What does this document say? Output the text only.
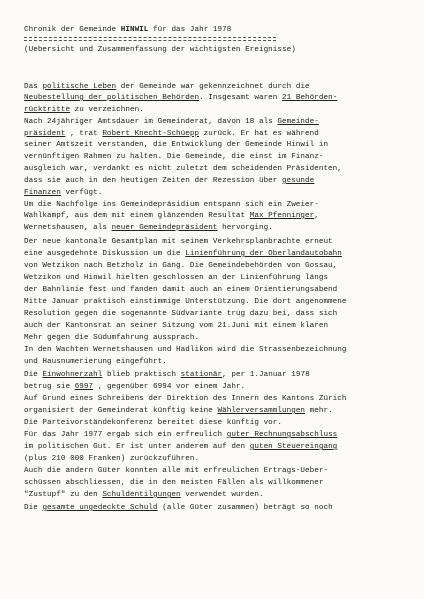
Chronik der Gemeinde HINWIL für das Jahr 1978
(Uebersicht und Zusammenfassung der wichtigsten Ereignisse)
Das politische Leben der Gemeinde war gekennzeichnet durch die
Neubestellung der politischen Behörden. Insgesamt waren 21 Behörden-
rücktritte zu verzeichnen.
Nach 24jähriger Amtsdauer im Gemeinderat, davon 18 als Gemeinde-
präsident , trat Robert Knecht-Schüepp zurück. Er hat es während
seiner Amtszeit verstanden, die Entwicklung der Gemeinde Hinwil in
vernünftigen Rahmen zu halten. Die Gemeinde, die einst im Finanz-
ausgleich war, verdankt es nicht zuletzt dem scheidenden Präsidenten,
dass sie auch in den heutigen Zeiten der Rezession über gesunde
Finanzen verfügt.
Um die Nachfolge ins Gemeindepräsidium entspann sich ein Zweier-
Wahlkampf, aus dem mit einem glänzenden Resultat Max Pfenninger,
Wernetshausen, als neuer Gemeindepräsident hervorging.
Der neue kantonale Gesamtplan mit seinem Verkehrsplanbrachte erneut
eine ausgedehnte Diskussion um die Linienführung der Oberlandautobahn
von Wetzikon nach Betzholz in Gang. Die Gemeindebehörden von Gossau,
Wetzikon und Hinwil hielten geschlossen an der Linienführung längs
der Bahnlinie fest und fanden damit auch an einem Orientierungsabend
Mitte Januar praktisch einstimmige Unterstützung. Die dort angenommene
Resolution gegen die sogenannte Südvariante trug dazu bei, dass sich
auch der Kantonsrat an seiner Sitzung vom 21.Juni mit einem klaren
Mehr gegen die Südumfahrung aussprach.
In den Wachten Wernetshausen und Hadlikon wird die Strassenbezeichnung
und Hausnumerierung eingeführt.
Die Einwohnerzahl blieb praktisch stationär, per 1.Januar 1978
betrug sie 6997 , gegenüber 6994 vor einem Jahr.
Auf Grund eines Schreibens der Direktion des Innern des Kantons Zürich
organisiert der Gemeinderat künftig keine Wählerversammlungen mehr.
Die Parteivorständekonferenz bereitet diese künftig vor.
Für das Jahr 1977 ergab sich ein erfreulich guter Rechnungsabschluss
im politischen Gut. Er ist unter anderem auf den guten Steuereingang
(plus 210 000 Franken) zurückzuführen.
Auch die andern Güter konnten alle mit erfreulichen Ertrags-Ueber-
schüssen abschliessen, die in den meisten Fällen als willkommener
"Zustupf" zu den Schuldentilgungen verwendet wurden.
Die gesamte ungedeckte Schuld (alle Güter zusammen) beträgt so noch
